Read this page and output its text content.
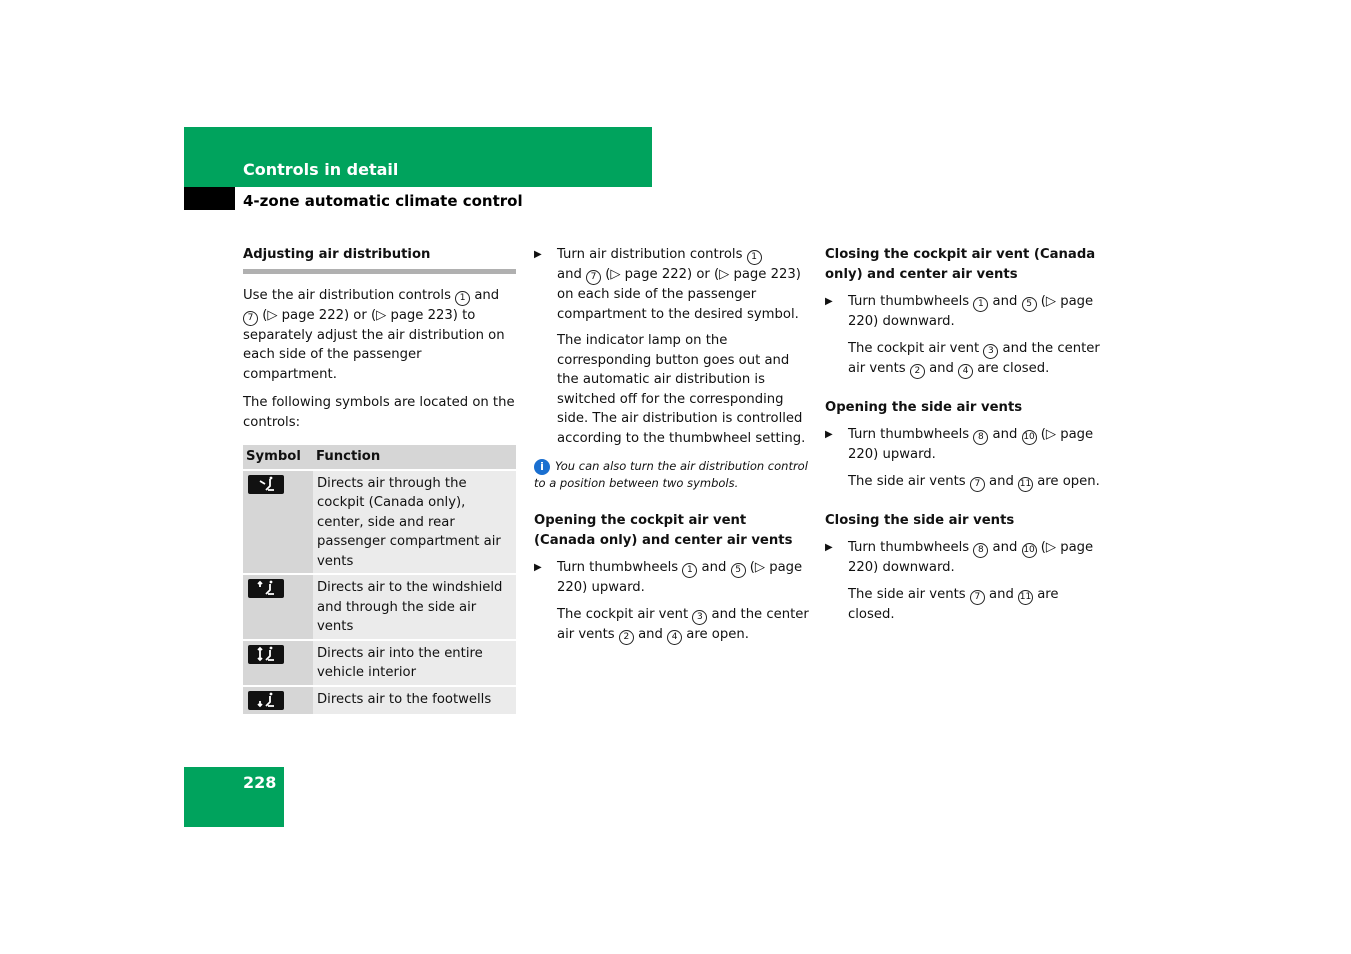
Controls in detail
4-zone automatic climate control
Adjusting air distribution

Use the air distribution controls 1 and 7 (▷ page 222) or (▷ page 223) to separately adjust the air distribution on each side of the passenger compartment.

The following symbols are located on the controls:

Symbol	Function

	Directs air through the cockpit (Canada only), center, side and rear passenger compartment air vents

	Directs air to the windshield and through the side air vents

	Directs air into the entire vehicle interior

	Directs air to the footwells
▶ Turn air distribution controls 1
and 7 (▷ page 222) or (▷ page 223) on each side of the passenger compartment to the desired symbol.

The indicator lamp on the corresponding button goes out and the automatic air distribution is switched off for the corresponding side. The air distribution is controlled according to the thumbwheel setting.

i You can also turn the air distribution control to a position between two symbols.
Opening the cockpit air vent (Canada only) and center air vents
▶ Turn thumbwheels 1 and 5 (▷ page 220) upward.

The cockpit air vent 3 and the center air vents 2 and 4 are open.

Closing the cockpit air vent (Canada only) and center air vents
▶ Turn thumbwheels 1 and 5 (▷ page 220) downward.

The cockpit air vent 3 and the center air vents 2 and 4 are closed.

Opening the side air vents
▶ Turn thumbwheels 8 and 10 (▷ page 220) upward.

The side air vents 7 and 11 are open.

Closing the side air vents
▶ Turn thumbwheels 8 and 10 (▷ page 220) downward.

The side air vents 7 and 11 are closed.

228
